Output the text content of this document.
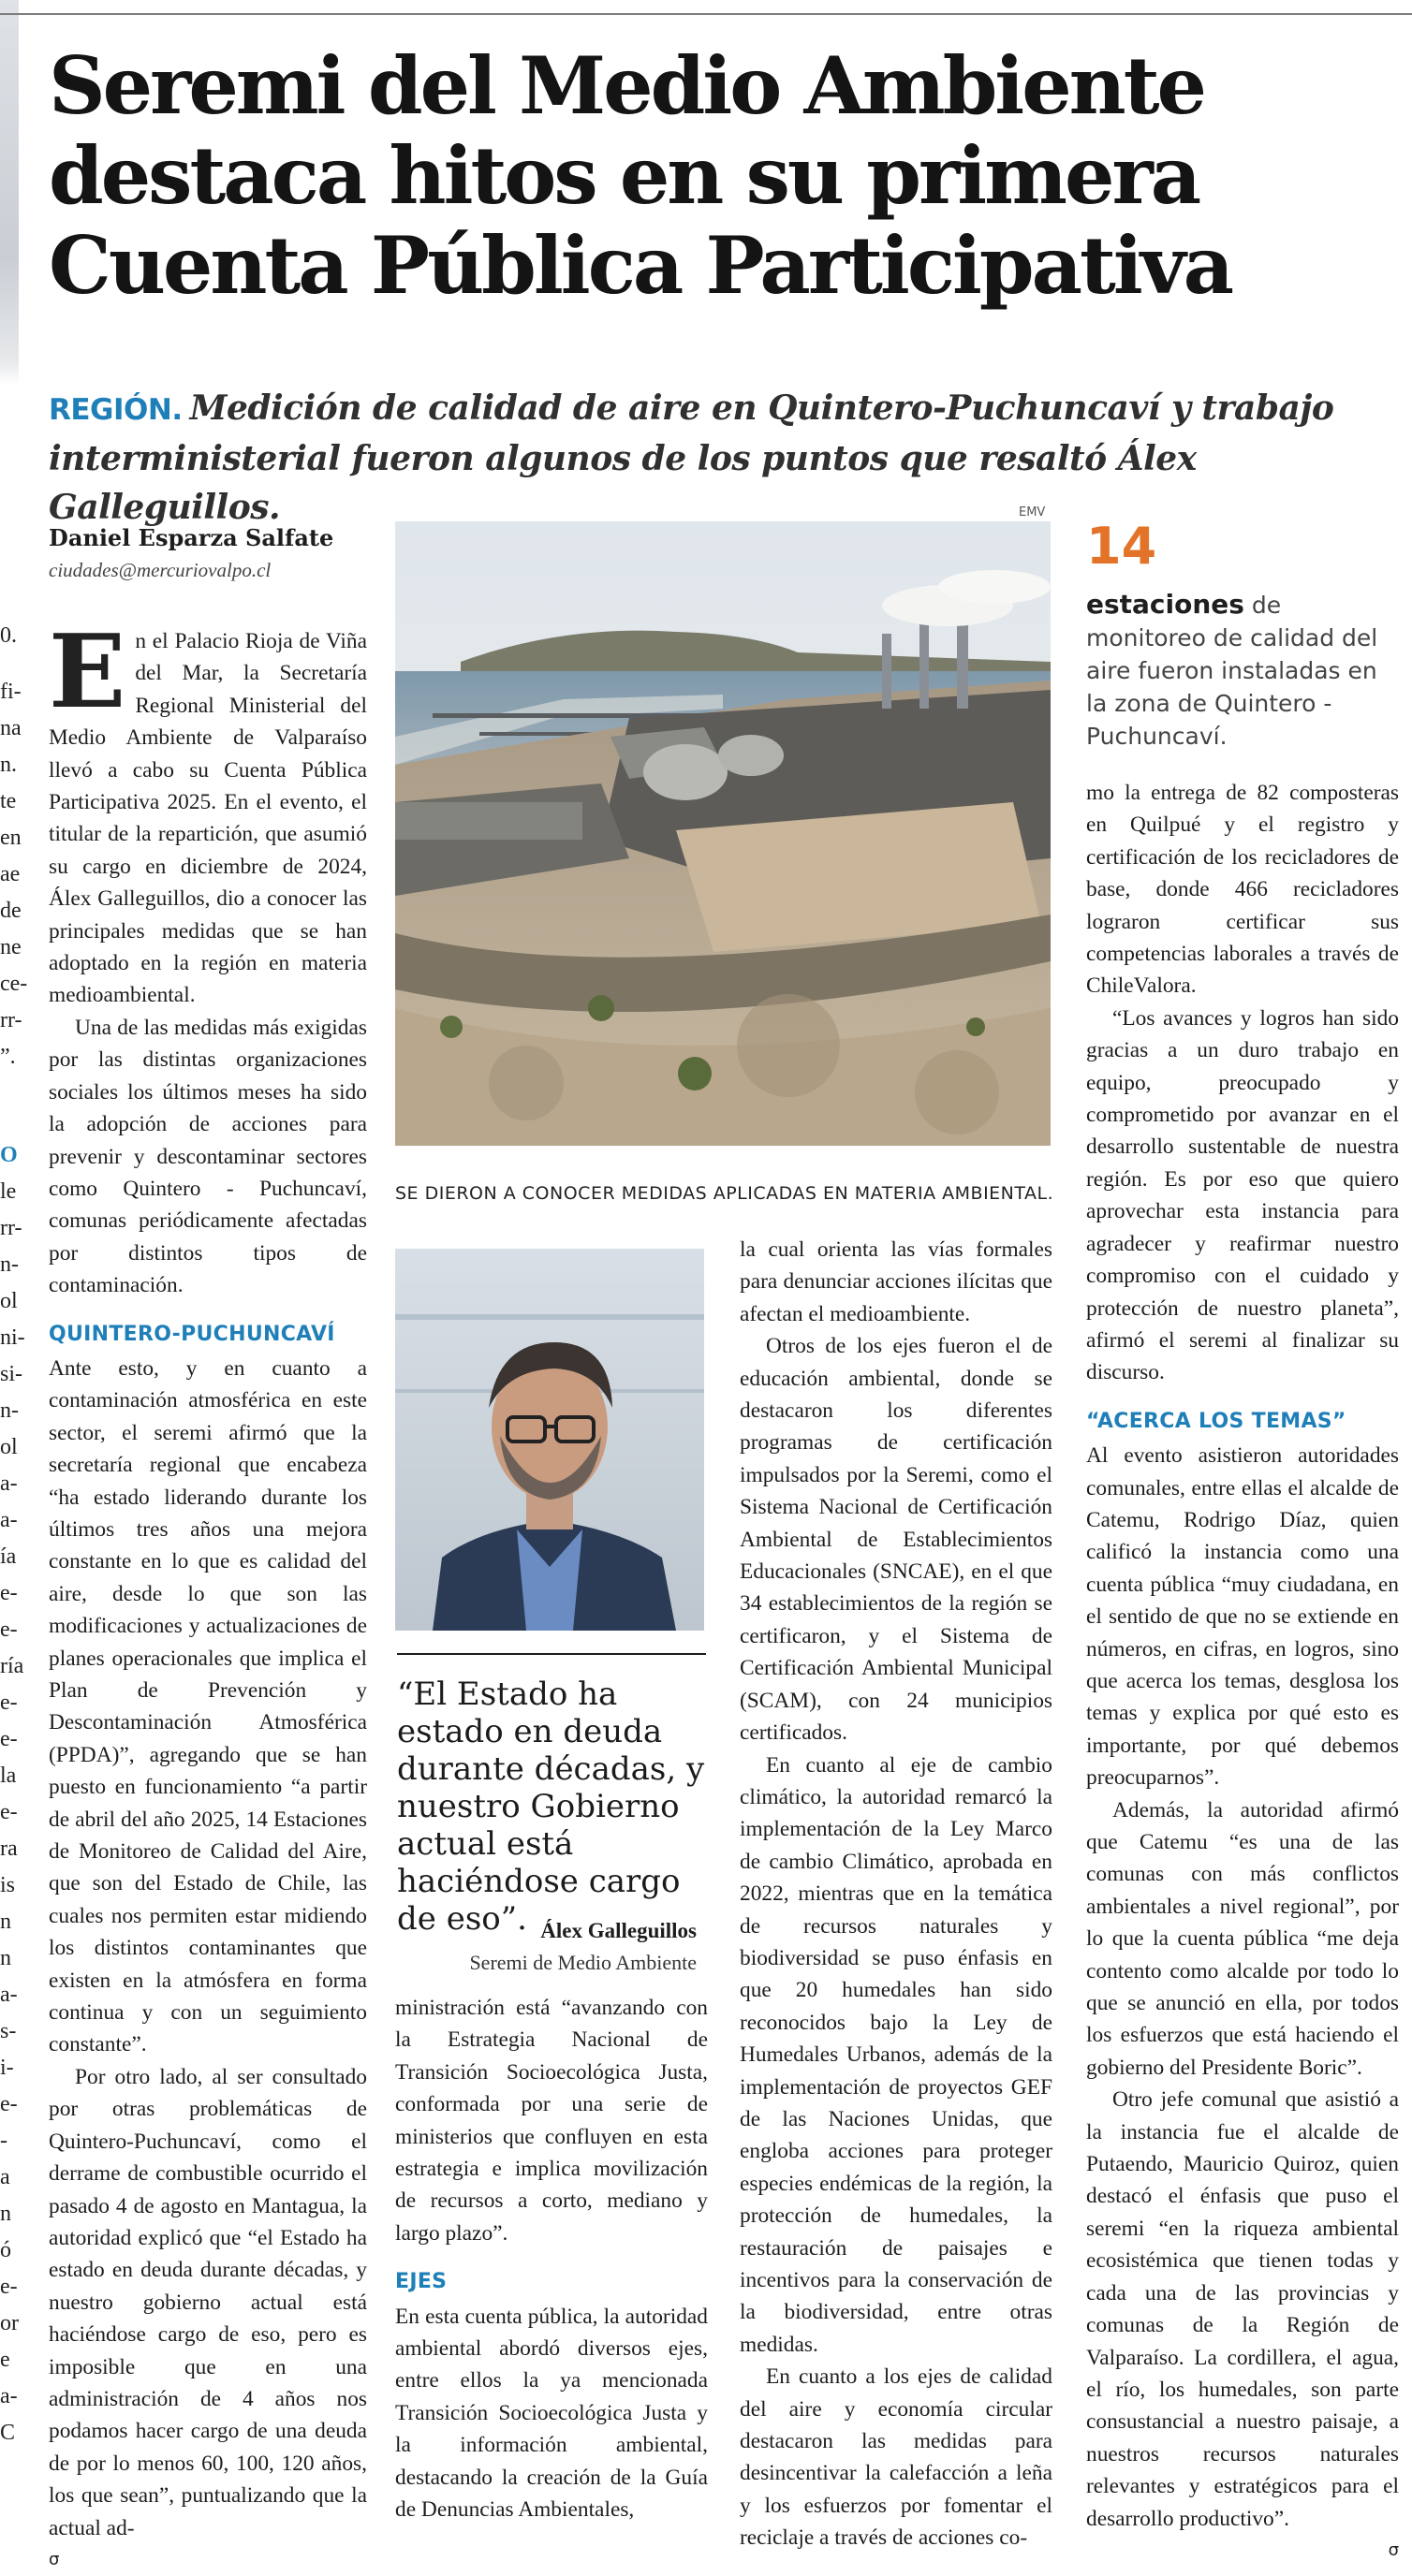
0.
fi-
na
n.
te
en
ae
de
ne
ce-
rr-
”.
O
le
rr-
n-
ol
ni-
si-
n-
ol
a-
a-
ía
e-
e-
ría
e-
e-
la
e-
ra
is
n
n
a-
s-
i-
e-
-
a
n
ó
e-
or
e
a-
C
Seremi del Medio Ambiente destaca hitos en su primera Cuenta Pública Participativa
REGIÓN. Medición de calidad de aire en Quintero-Puchuncaví y trabajo interministerial fueron algunos de los puntos que resaltó Álex Galleguillos.
Daniel Esparza Salfate
ciudades@mercuriovalpo.cl
EMV
SE DIERON A CONOCER MEDIDAS APLICADAS EN MATERIA AMBIENTAL.
14
estaciones de monitoreo de calidad del aire fueron instaladas en la zona de Quintero - Puchuncaví.
“El Estado ha estado en deuda durante décadas, y nuestro Gobierno actual está haciéndose cargo de eso”. Álex Galleguillos
Seremi de Medio Ambiente
E n el Palacio Rioja de Viña del Mar, la Secretaría Regional Ministerial del Medio Ambiente de Valparaíso llevó a cabo su Cuenta Pública Participativa 2025. En el evento, el titular de la repartición, que asumió su cargo en diciembre de 2024, Álex Galleguillos, dio a conocer las principales medidas que se han adoptado en la región en materia medioambiental.

Una de las medidas más exigidas por las distintas organizaciones sociales los últimos meses ha sido la adopción de acciones para prevenir y descontaminar sectores como Quintero - Puchuncaví, comunas periódicamente afectadas por distintos tipos de contaminación.

QUINTERO-PUCHUNCAVÍ

Ante esto, y en cuanto a contaminación atmosférica en este sector, el seremi afirmó que la secretaría regional que encabeza “ha estado liderando durante los últimos tres años una mejora constante en lo que es calidad del aire, desde lo que son las modificaciones y actualizaciones de planes operacionales que implica el Plan de Prevención y Descontaminación Atmosférica (PPDA)”, agregando que se han puesto en funcionamiento “a partir de abril del año 2025, 14 Estaciones de Monitoreo de Calidad del Aire, que son del Estado de Chile, las cuales nos permiten estar midiendo los distintos contaminantes que existen en la atmósfera en forma continua y con un seguimiento constante”.

Por otro lado, al ser consultado por otras problemáticas de Quintero-Puchuncaví, como el derrame de combustible ocurrido el pasado 4 de agosto en Mantagua, la autoridad explicó que “el Estado ha estado en deuda durante décadas, y nuestro gobierno actual está haciéndose cargo de eso, pero es imposible que en una administración de 4 años nos podamos hacer cargo de una deuda de por lo menos 60, 100, 120 años, los que sean”, puntualizando que la actual ad-

σ

ministración está “avanzando con la Estrategia Nacional de Transición Socioecológica Justa, conformada por una serie de ministerios que confluyen en esta estrategia e implica movilización de recursos a corto, mediano y largo plazo”.

EJES

En esta cuenta pública, la autoridad ambiental abordó diversos ejes, entre ellos la ya mencionada Transición Socioecológica Justa y la información ambiental, destacando la creación de la Guía de Denuncias Ambientales,

la cual orienta las vías formales para denunciar acciones ilícitas que afectan el medioambiente.

Otros de los ejes fueron el de educación ambiental, donde se destacaron los diferentes programas de certificación impulsados por la Seremi, como el Sistema Nacional de Certificación Ambiental de Establecimientos Educacionales (SNCAE), en el que 34 establecimientos de la región se certificaron, y el Sistema de Certificación Ambiental Municipal (SCAM), con 24 municipios certificados.

En cuanto al eje de cambio climático, la autoridad remarcó la implementación de la Ley Marco de cambio Climático, aprobada en 2022, mientras que en la temática de recursos naturales y biodiversidad se puso énfasis en que 20 humedales han sido reconocidos bajo la Ley de Humedales Urbanos, además de la implementación de proyectos GEF de las Naciones Unidas, que engloba acciones para proteger especies endémicas de la región, la protección de humedales, la restauración de paisajes e incentivos para la conservación de la biodiversidad, entre otras medidas.

En cuanto a los ejes de calidad del aire y economía circular destacaron las medidas para desincentivar la calefacción a leña y los esfuerzos por fomentar el reciclaje a través de acciones co-

mo la entrega de 82 composteras en Quilpué y el registro y certificación de los recicladores de base, donde 466 recicladores lograron certificar sus competencias laborales a través de ChileValora.

“Los avances y logros han sido gracias a un duro trabajo en equipo, preocupado y comprometido por avanzar en el desarrollo sustentable de nuestra región. Es por eso que quiero aprovechar esta instancia para agradecer y reafirmar nuestro compromiso con el cuidado y protección de nuestro planeta”, afirmó el seremi al finalizar su discurso.

“ACERCA LOS TEMAS”

Al evento asistieron autoridades comunales, entre ellas el alcalde de Catemu, Rodrigo Díaz, quien calificó la instancia como una cuenta pública “muy ciudadana, en el sentido de que no se extiende en números, en cifras, en logros, sino que acerca los temas, desglosa los temas y explica por qué esto es importante, por qué debemos preocuparnos”.

Además, la autoridad afirmó que Catemu “es una de las comunas con más conflictos ambientales a nivel regional”, por lo que la cuenta pública “me deja contento como alcalde por todo lo que se anunció en ella, por todos los esfuerzos que está haciendo el gobierno del Presidente Boric”.

Otro jefe comunal que asistió a la instancia fue el alcalde de Putaendo, Mauricio Quiroz, quien destacó el énfasis que puso el seremi “en la riqueza ambiental ecosistémica que tienen todas y cada una de las provincias y comunas de la Región de Valparaíso. La cordillera, el agua, el río, los humedales, son parte consustancial a nuestro paisaje, a nuestros recursos naturales relevantes y estratégicos para el desarrollo productivo”.

σ
